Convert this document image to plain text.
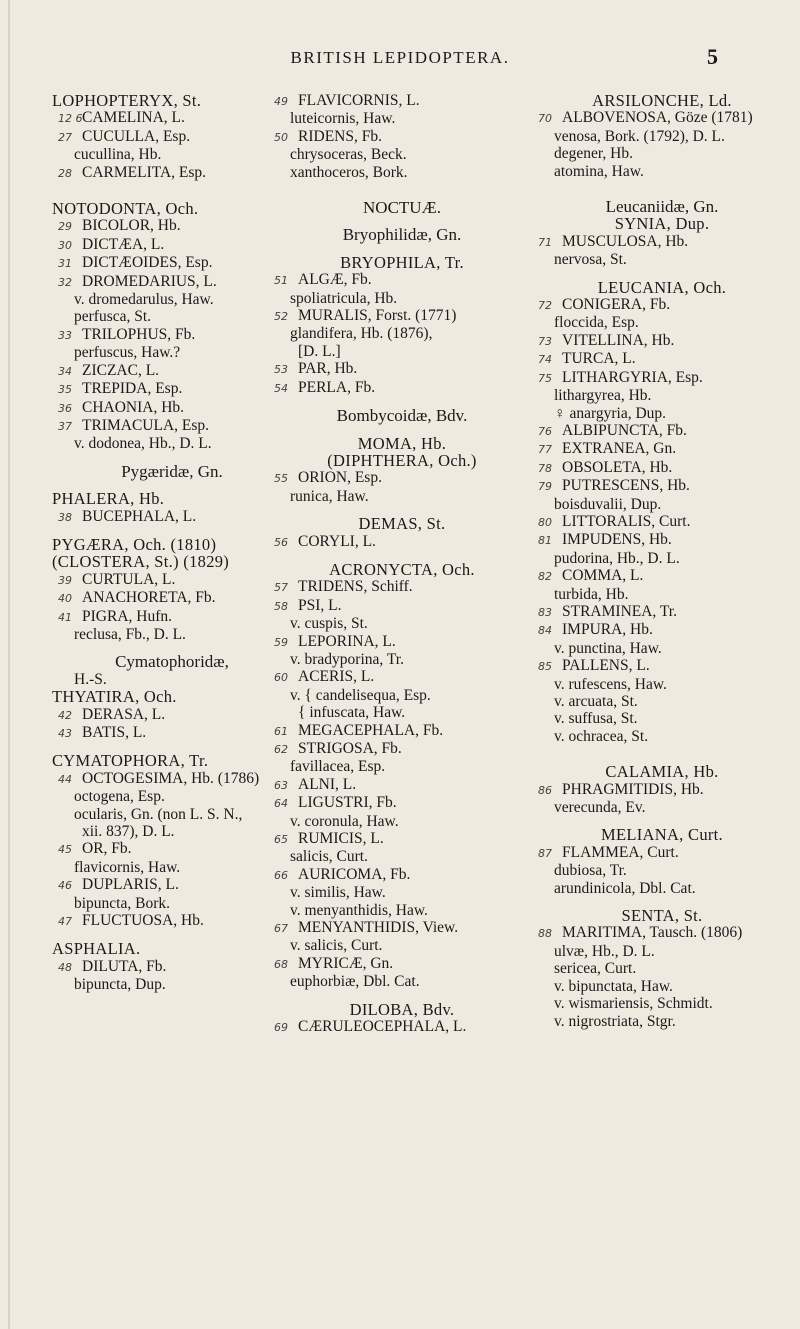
BRITISH LEPIDOPTERA.	5
LOPHOPTERYX, St.
12 6CAMELINA, L.
27 CUCULLA, Esp.
cucullina, Hb.
28 CARMELITA, Esp.
NOTODONTA, Och.
29 BICOLOR, Hb.
30 DICTÆA, L.
31 DICTÆOIDES, Esp.
32 DROMEDARIUS, L.
v. dromedarulus, Haw.
perfusca, St.
33 TRILOPHUS, Fb.
perfuscus, Haw.?
34 ZICZAC, L.
35 TREPIDA, Esp.
36 CHAONIA, Hb.
37 TRIMACULA, Esp.
v. dodonea, Hb., D. L.
Pygæridæ, Gn.
PHALERA, Hb.
38 BUCEPHALA, L.
PYGÆRA, Och. (1810)
(CLOSTERA, St.) (1829)
39 CURTULA, L.
40 ANACHORETA, Fb.
41 PIGRA, Hufn.
reclusa, Fb., D. L.
Cymatophoridæ,
H.-S.
THYATIRA, Och.
42 DERASA, L.
43 BATIS, L.
CYMATOPHORA, Tr.
44 OCTOGESIMA, Hb. (1786)
octogena, Esp.
ocularis, Gn. (non L. S. N.,
xii. 837), D. L.
45 OR, Fb.
flavicornis, Haw.
46 DUPLARIS, L.
bipuncta, Bork.
47 FLUCTUOSA, Hb.
ASPHALIA.
48 DILUTA, Fb.
bipuncta, Dup.
49 FLAVICORNIS, L.
luteicornis, Haw.
50 RIDENS, Fb.
chrysoceras, Beck.
xanthoceros, Bork.
NOCTUÆ.
Bryophilidæ, Gn.
BRYOPHILA, Tr.
51 ALGÆ, Fb.
spoliatricula, Hb.
52 MURALIS, Forst. (1771)
glandifera, Hb. (1876),
[D. L.]
53 PAR, Hb.
54 PERLA, Fb.
Bombycoidæ, Bdv.
MOMA, Hb.
(DIPHTHERA, Och.)
55 ORION, Esp.
runica, Haw.
DEMAS, St.
56 CORYLI, L.
ACRONYCTA, Och.
57 TRIDENS, Schiff.
58 PSI, L.
v. cuspis, St.
59 LEPORINA, L.
v. bradyporina, Tr.
60 ACERIS, L.
v. { candelisequa, Esp.
{ infuscata, Haw.
61 MEGACEPHALA, Fb.
62 STRIGOSA, Fb.
favillacea, Esp.
63 ALNI, L.
64 LIGUSTRI, Fb.
v. coronula, Haw.
65 RUMICIS, L.
salicis, Curt.
66 AURICOMA, Fb.
v. similis, Haw.
v. menyanthidis, Haw.
67 MENYANTHIDIS, View.
v. salicis, Curt.
68 MYRICÆ, Gn.
euphorbiæ, Dbl. Cat.
DILOBA, Bdv.
69 CÆRULEOCEPHALA, L.
ARSILONCHE, Ld.
70 ALBOVENOSA, Göze (1781)
venosa, Bork. (1792), D. L.
degener, Hb.
atomina, Haw.
Leucaniidæ, Gn.
SYNIA, Dup.
71 MUSCULOSA, Hb.
nervosa, St.
LEUCANIA, Och.
72 CONIGERA, Fb.
floccida, Esp.
73 VITELLINA, Hb.
74 TURCA, L.
75 LITHARGYRIA, Esp.
lithargyrea, Hb.
♀ anargyria, Dup.
76 ALBIPUNCTA, Fb.
77 EXTRANEA, Gn.
78 OBSOLETA, Hb.
79 PUTRESCENS, Hb.
boisduvalii, Dup.
80 LITTORALIS, Curt.
81 IMPUDENS, Hb.
pudorina, Hb., D. L.
82 COMMA, L.
turbida, Hb.
83 STRAMINEA, Tr.
84 IMPURA, Hb.
v. punctina, Haw.
85 PALLENS, L.
v. rufescens, Haw.
v. arcuata, St.
v. suffusa, St.
v. ochracea, St.
CALAMIA, Hb.
86 PHRAGMITIDIS, Hb.
verecunda, Ev.
MELIANA, Curt.
87 FLAMMEA, Curt.
dubiosa, Tr.
arundinicola, Dbl. Cat.
SENTA, St.
88 MARITIMA, Tausch. (1806)
ulvæ, Hb., D. L.
sericea, Curt.
v. bipunctata, Haw.
v. wismariensis, Schmidt.
v. nigrostriata, Stgr.
